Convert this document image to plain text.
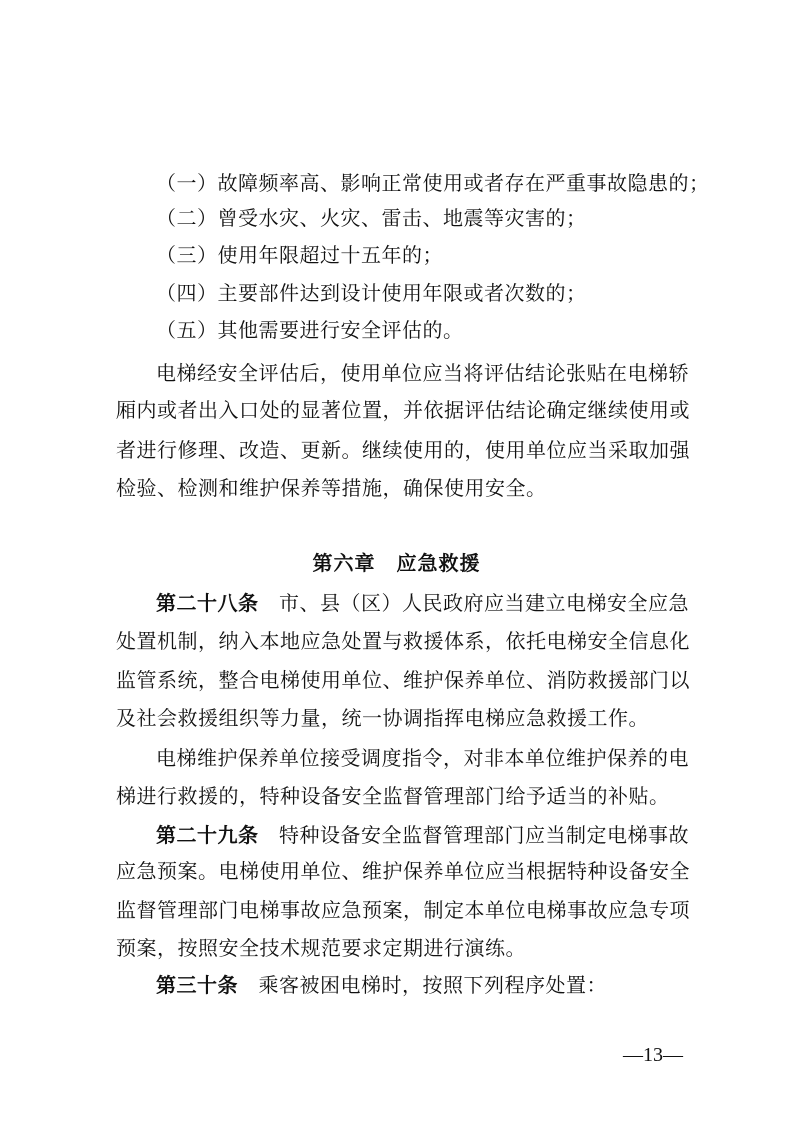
（一）故障频率高、影响正常使用或者存在严重事故隐患的；
（二）曾受水灾、火灾、雷击、地震等灾害的；
（三）使用年限超过十五年的；
（四）主要部件达到设计使用年限或者次数的；
（五）其他需要进行安全评估的。
电梯经安全评估后，使用单位应当将评估结论张贴在电梯轿
厢内或者出入口处的显著位置，并依据评估结论确定继续使用或
者进行修理、改造、更新。继续使用的，使用单位应当采取加强
检验、检测和维护保养等措施，确保使用安全。
第六章　应急救援
第二十八条　市、县（区）人民政府应当建立电梯安全应急
处置机制，纳入本地应急处置与救援体系，依托电梯安全信息化
监管系统，整合电梯使用单位、维护保养单位、消防救援部门以
及社会救援组织等力量，统一协调指挥电梯应急救援工作。
电梯维护保养单位接受调度指令，对非本单位维护保养的电
梯进行救援的，特种设备安全监督管理部门给予适当的补贴。
第二十九条　特种设备安全监督管理部门应当制定电梯事故
应急预案。电梯使用单位、维护保养单位应当根据特种设备安全
监督管理部门电梯事故应急预案，制定本单位电梯事故应急专项
预案，按照安全技术规范要求定期进行演练。
第三十条　乘客被困电梯时，按照下列程序处置：
—13—
